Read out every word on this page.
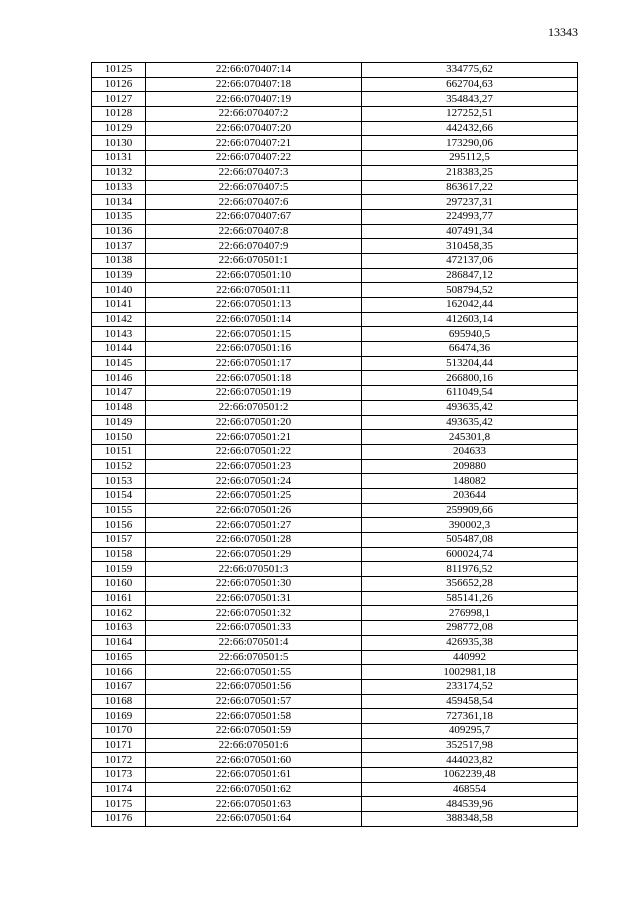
13343
10125	22:66:070407:14	334775,62
10126	22:66:070407:18	662704,63
10127	22:66:070407:19	354843,27
10128	22:66:070407:2	127252,51
10129	22:66:070407:20	442432,66
10130	22:66:070407:21	173290,06
10131	22:66:070407:22	295112,5
10132	22:66:070407:3	218383,25
10133	22:66:070407:5	863617,22
10134	22:66:070407:6	297237,31
10135	22:66:070407:67	224993,77
10136	22:66:070407:8	407491,34
10137	22:66:070407:9	310458,35
10138	22:66:070501:1	472137,06
10139	22:66:070501:10	286847,12
10140	22:66:070501:11	508794,52
10141	22:66:070501:13	162042,44
10142	22:66:070501:14	412603,14
10143	22:66:070501:15	695940,5
10144	22:66:070501:16	66474,36
10145	22:66:070501:17	513204,44
10146	22:66:070501:18	266800,16
10147	22:66:070501:19	611049,54
10148	22:66:070501:2	493635,42
10149	22:66:070501:20	493635,42
10150	22:66:070501:21	245301,8
10151	22:66:070501:22	204633
10152	22:66:070501:23	209880
10153	22:66:070501:24	148082
10154	22:66:070501:25	203644
10155	22:66:070501:26	259909,66
10156	22:66:070501:27	390002,3
10157	22:66:070501:28	505487,08
10158	22:66:070501:29	600024,74
10159	22:66:070501:3	811976,52
10160	22:66:070501:30	356652,28
10161	22:66:070501:31	585141,26
10162	22:66:070501:32	276998,1
10163	22:66:070501:33	298772,08
10164	22:66:070501:4	426935,38
10165	22:66:070501:5	440992
10166	22:66:070501:55	1002981,18
10167	22:66:070501:56	233174,52
10168	22:66:070501:57	459458,54
10169	22:66:070501:58	727361,18
10170	22:66:070501:59	409295,7
10171	22:66:070501:6	352517,98
10172	22:66:070501:60	444023,82
10173	22:66:070501:61	1062239,48
10174	22:66:070501:62	468554
10175	22:66:070501:63	484539,96
10176	22:66:070501:64	388348,58
